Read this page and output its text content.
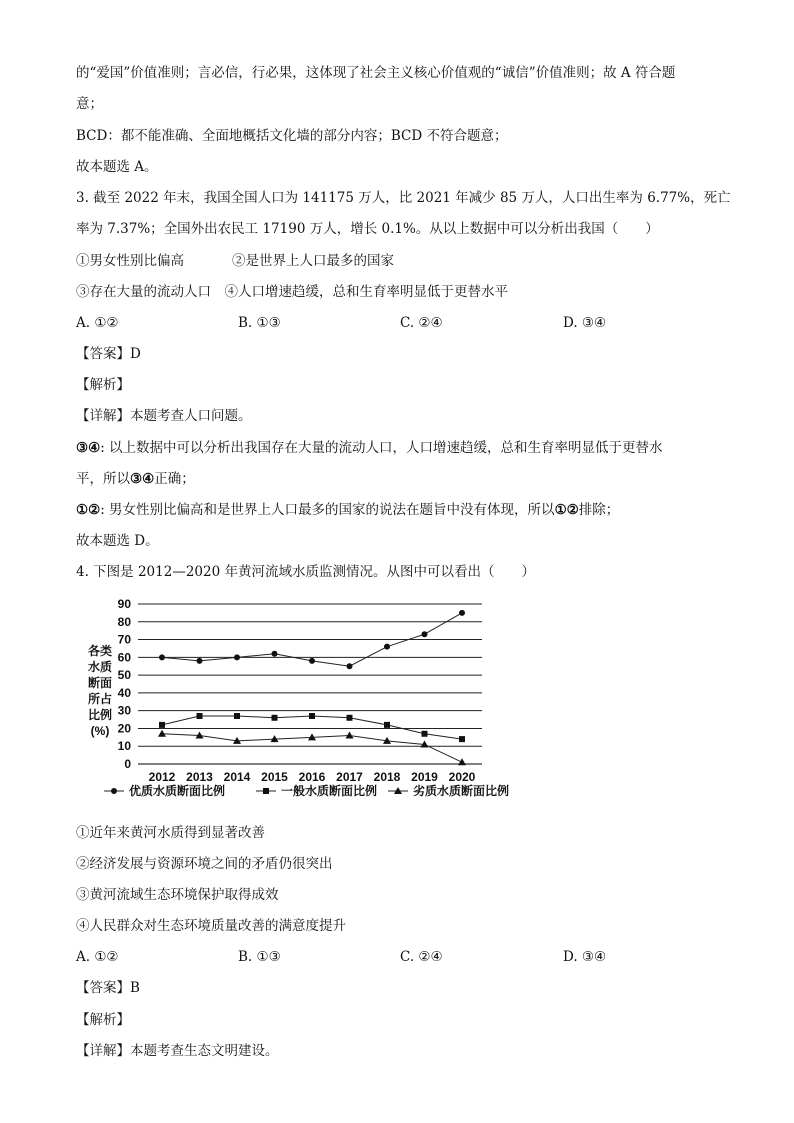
的“爱国”价值准则；言必信，行必果，这体现了社会主义核心价值观的“诚信”价值准则；故 A 符合题
意；
BCD：都不能准确、全面地概括文化墙的部分内容；BCD 不符合题意；
故本题选 A。
3. 截至 2022 年末，我国全国人口为 141175 万人，比 2021 年减少 85 万人，人口出生率为 6.77%，死亡
率为 7.37%；全国外出农民工 17190 万人，增长 0.1%。从以上数据中可以分析出我国（　　）
①男女性别比偏高	②是世界上人口最多的国家
③存在大量的流动人口　④人口增速趋缓，总和生育率明显低于更替水平
A. ①②	B. ①③	C. ②④	D. ③④
【答案】D
【解析】
【详解】本题考查人口问题。
③④: 以上数据中可以分析出我国存在大量的流动人口，人口增速趋缓，总和生育率明显低于更替水
平，所以③④正确；
①②: 男女性别比偏高和是世界上人口最多的国家的说法在题旨中没有体现，所以①②排除；
故本题选 D。
4. 下图是 2012—2020 年黄河流域水质监测情况。从图中可以看出（　　）
各类
水质
断面
所占
比例
(%)
0
10
20
30
40
50
60
70
80
90
2012 2013 2014 2015 2016 2017 2018 2019 2020
优质水质断面比例	一般水质断面比例	劣质水质断面比例
①近年来黄河水质得到显著改善
②经济发展与资源环境之间的矛盾仍很突出
③黄河流域生态环境保护取得成效
④人民群众对生态环境质量改善的满意度提升
A. ①②	B. ①③	C. ②④	D. ③④
【答案】B
【解析】
【详解】本题考查生态文明建设。
